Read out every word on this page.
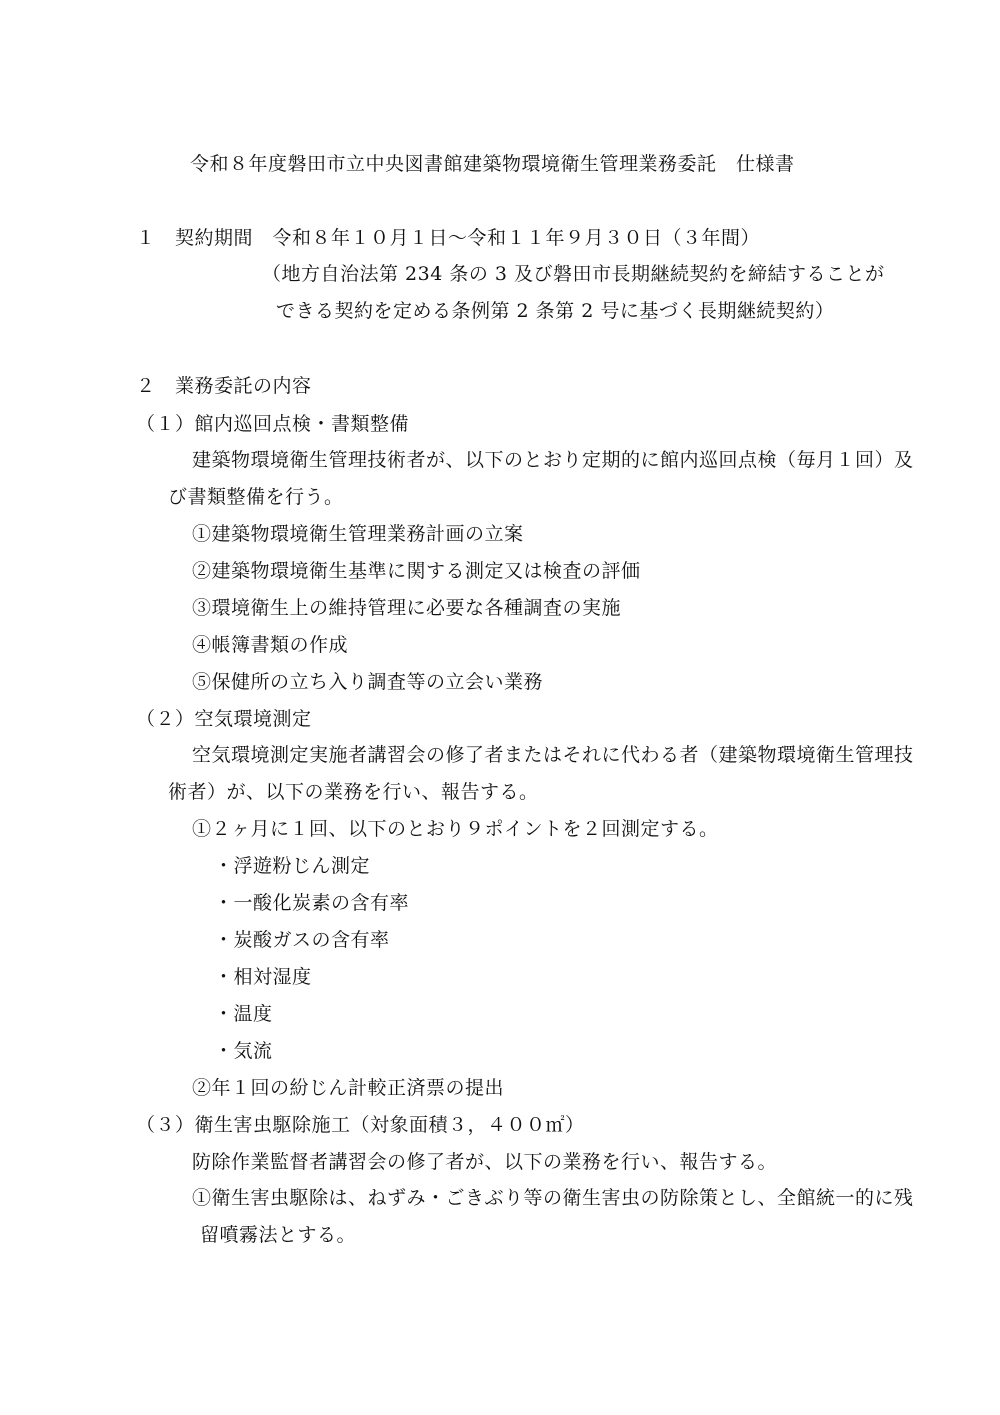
令和８年度磐田市立中央図書館建築物環境衛生管理業務委託　仕様書
１　契約期間　令和８年１０月１日～令和１１年９月３０日（３年間）
（地方自治法第 234 条の 3 及び磐田市長期継続契約を締結することが
できる契約を定める条例第 2 条第 2 号に基づく長期継続契約）
２　業務委託の内容
（１）館内巡回点検・書類整備
建築物環境衛生管理技術者が、以下のとおり定期的に館内巡回点検（毎月１回）及
び書類整備を行う。
①建築物環境衛生管理業務計画の立案
②建築物環境衛生基準に関する測定又は検査の評価
③環境衛生上の維持管理に必要な各種調査の実施
④帳簿書類の作成
⑤保健所の立ち入り調査等の立会い業務
（２）空気環境測定
空気環境測定実施者講習会の修了者またはそれに代わる者（建築物環境衛生管理技
術者）が、以下の業務を行い、報告する。
①２ヶ月に１回、以下のとおり９ポイントを２回測定する。
・浮遊粉じん測定
・一酸化炭素の含有率
・炭酸ガスの含有率
・相対湿度
・温度
・気流
②年１回の紛じん計較正済票の提出
（３）衛生害虫駆除施工（対象面積３，４００㎡）
防除作業監督者講習会の修了者が、以下の業務を行い、報告する。
①衛生害虫駆除は、ねずみ・ごきぶり等の衛生害虫の防除策とし、全館統一的に残
留噴霧法とする。
